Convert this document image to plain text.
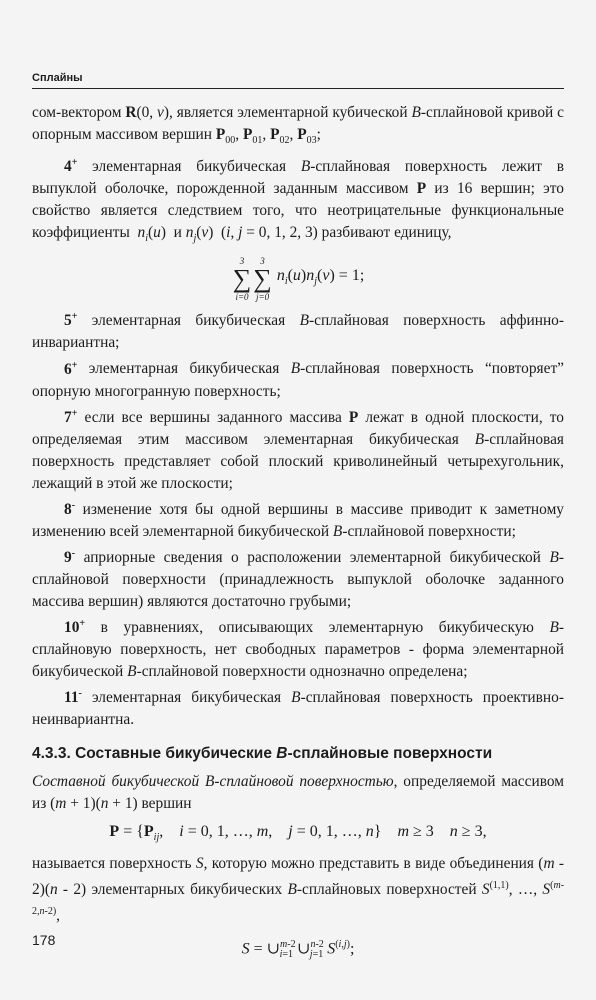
Сплайны

сом-вектором R(0, v), является элементарной кубической B-сплайновой кривой с опорным массивом вершин $P_{00}$, $P_{01}$, $P_{02}$, $P_{03}$;

4+ элементарная бикубическая B-сплайновая поверхность лежит в выпуклой оболочке, порожденной заданным массивом P из 16 вершин; это свойство является следствием того, что неотрицательные функциональные коэффициенты  $n_i(u)$  и $n_j(v)$  (i, j = 0, 1, 2, 3) разбивают единицу,

3
∑
i=0
3
∑
j=0
$n_i(u)n_j(v) = 1$;

5+ элементарная бикубическая B-сплайновая поверхность аффинно-инвариантна;

6+ элементарная бикубическая B-сплайновая поверхность “повторяет” опорную многогранную поверхность;

7+ если все вершины заданного массива P лежат в одной плоскости, то определяемая этим массивом элементарная бикубическая B-сплайновая поверхность представляет собой плоский криволинейный четырехугольник, лежащий в этой же плоскости;

8- изменение хотя бы одной вершины в массиве приводит к заметному изменению всей элементарной бикубической B-сплайновой поверхности;

9- априорные сведения о расположении элементарной бикубической B-сплайновой поверхности (принадлежность выпуклой оболочке заданного массива вершин) являются достаточно грубыми;

10+ в уравнениях, описывающих элементарную бикубическую B-сплайновую поверхность, нет свободных параметров - форма элементарной бикубической B-сплайновой поверхности однозначно определена;

11- элементарная бикубическая B-сплайновая поверхность проективно-неинвариантна.

4.3.3. Составные бикубические B-сплайновые поверхности

Составной бикубической B-сплайновой поверхностью, определяемой массивом из (m + 1)(n + 1) вершин

$P = \{P_{ij}$,    i = 0, 1, …, m,    j = 0, 1, …, n}    m ≥ 3    n ≥ 3,

называется поверхность S, которую можно представить в виде объединения (m - 2)(n - 2) элементарных бикубических B-сплайновых поверхностей S$^{(1,1)}$, …, S$^{(m-2,n-2)}$,

S = ∪$^{m-2}_{i=1}$ ∪$^{n-2}_{j=1}$ S$^{(i,j)}$;
178
